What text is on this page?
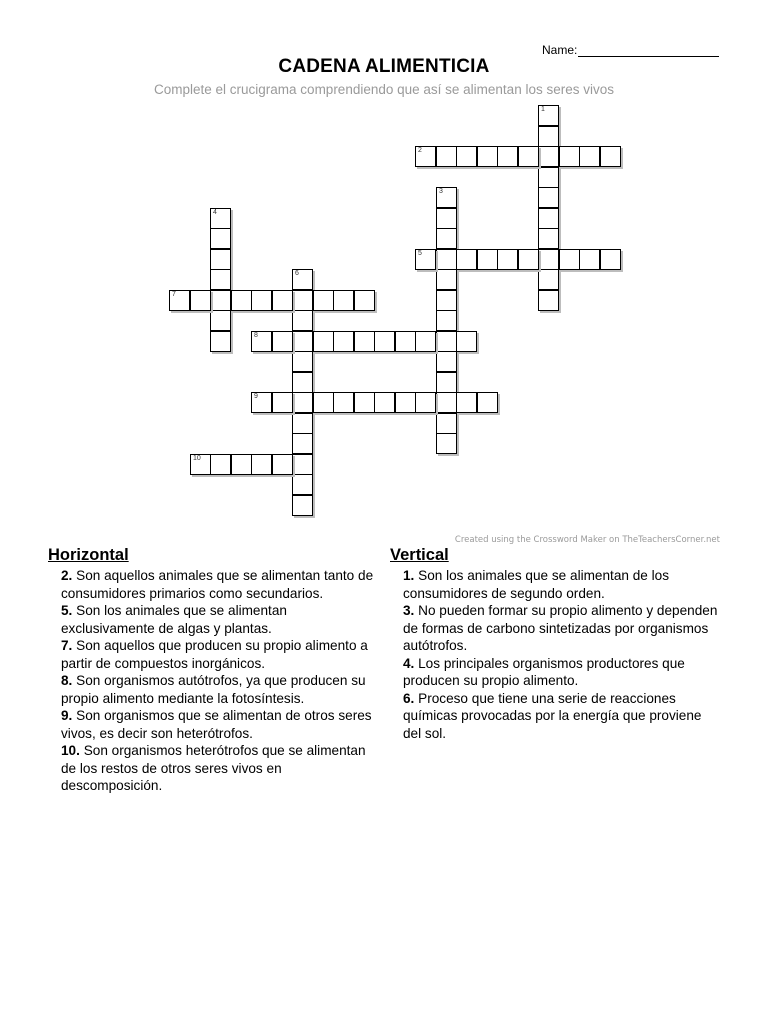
Name:
CADENA ALIMENTICIA
Complete el crucigrama comprendiendo que así se alimentan los seres vivos
1
2
3
4
5
6
7
8
9
10
Created using the Crossword Maker on TheTeachersCorner.net
Horizontal
2. Son aquellos animales que se alimentan tanto de consumidores primarios como secundarios.
5. Son los animales que se alimentan exclusivamente de algas y plantas.
7. Son aquellos que producen su propio alimento a partir de compuestos inorgánicos.
8. Son organismos autótrofos, ya que producen su propio alimento mediante la fotosíntesis.
9. Son organismos que se alimentan de otros seres vivos, es decir son heterótrofos.
10. Son organismos heterótrofos que se alimentan de los restos de otros seres vivos en descomposición.
Vertical
1. Son los animales que se alimentan de los consumidores de segundo orden.
3. No pueden formar su propio alimento y dependen de formas de carbono sintetizadas por organismos autótrofos.
4. Los principales organismos productores que producen su propio alimento.
6. Proceso que tiene una serie de reacciones químicas provocadas por la energía que proviene del sol.
